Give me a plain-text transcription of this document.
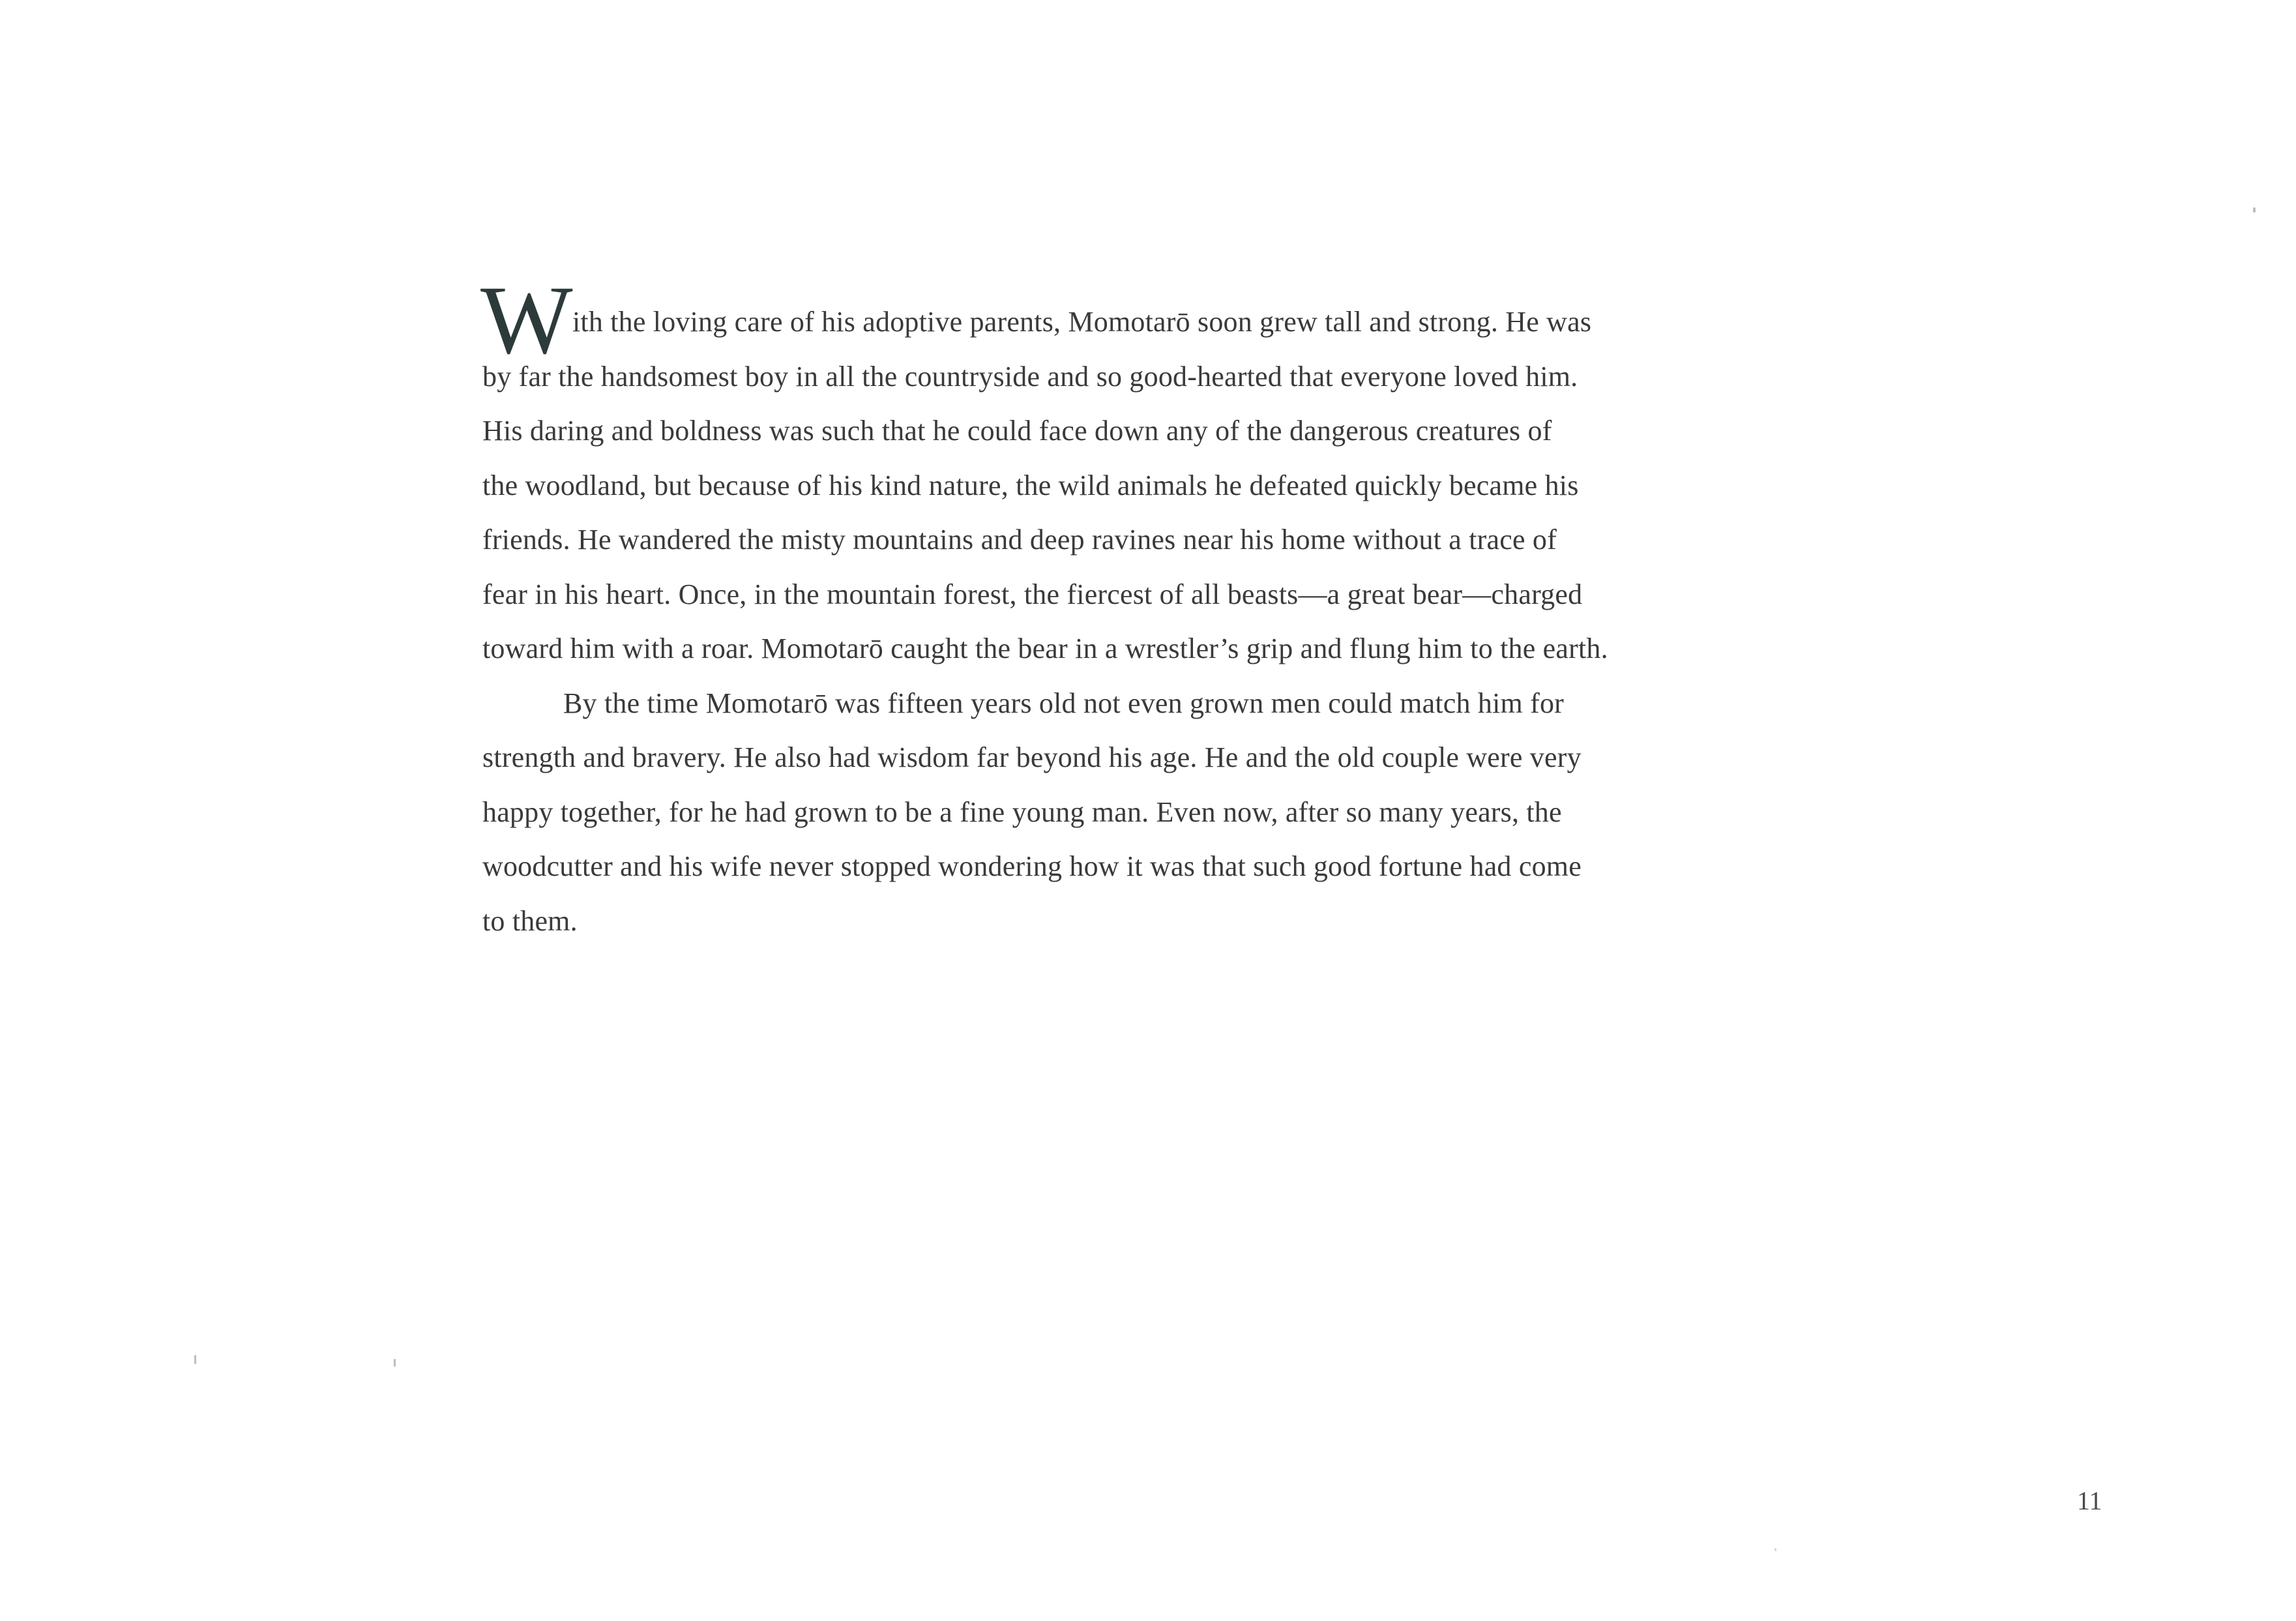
W ith the loving care of his adoptive parents, Momotarō soon grew tall and strong. He was
by far the handsomest boy in all the countryside and so good-hearted that everyone loved him.
His daring and boldness was such that he could face down any of the dangerous creatures of
the woodland, but because of his kind nature, the wild animals he defeated quickly became his
friends. He wandered the misty mountains and deep ravines near his home without a trace of
fear in his heart. Once, in the mountain forest, the fiercest of all beasts—a great bear—charged
toward him with a roar. Momotarō caught the bear in a wrestler’s grip and flung him to the earth.
By the time Momotarō was fifteen years old not even grown men could match him for
strength and bravery. He also had wisdom far beyond his age. He and the old couple were very
happy together, for he had grown to be a fine young man. Even now, after so many years, the
woodcutter and his wife never stopped wondering how it was that such good fortune had come
to them.
11
